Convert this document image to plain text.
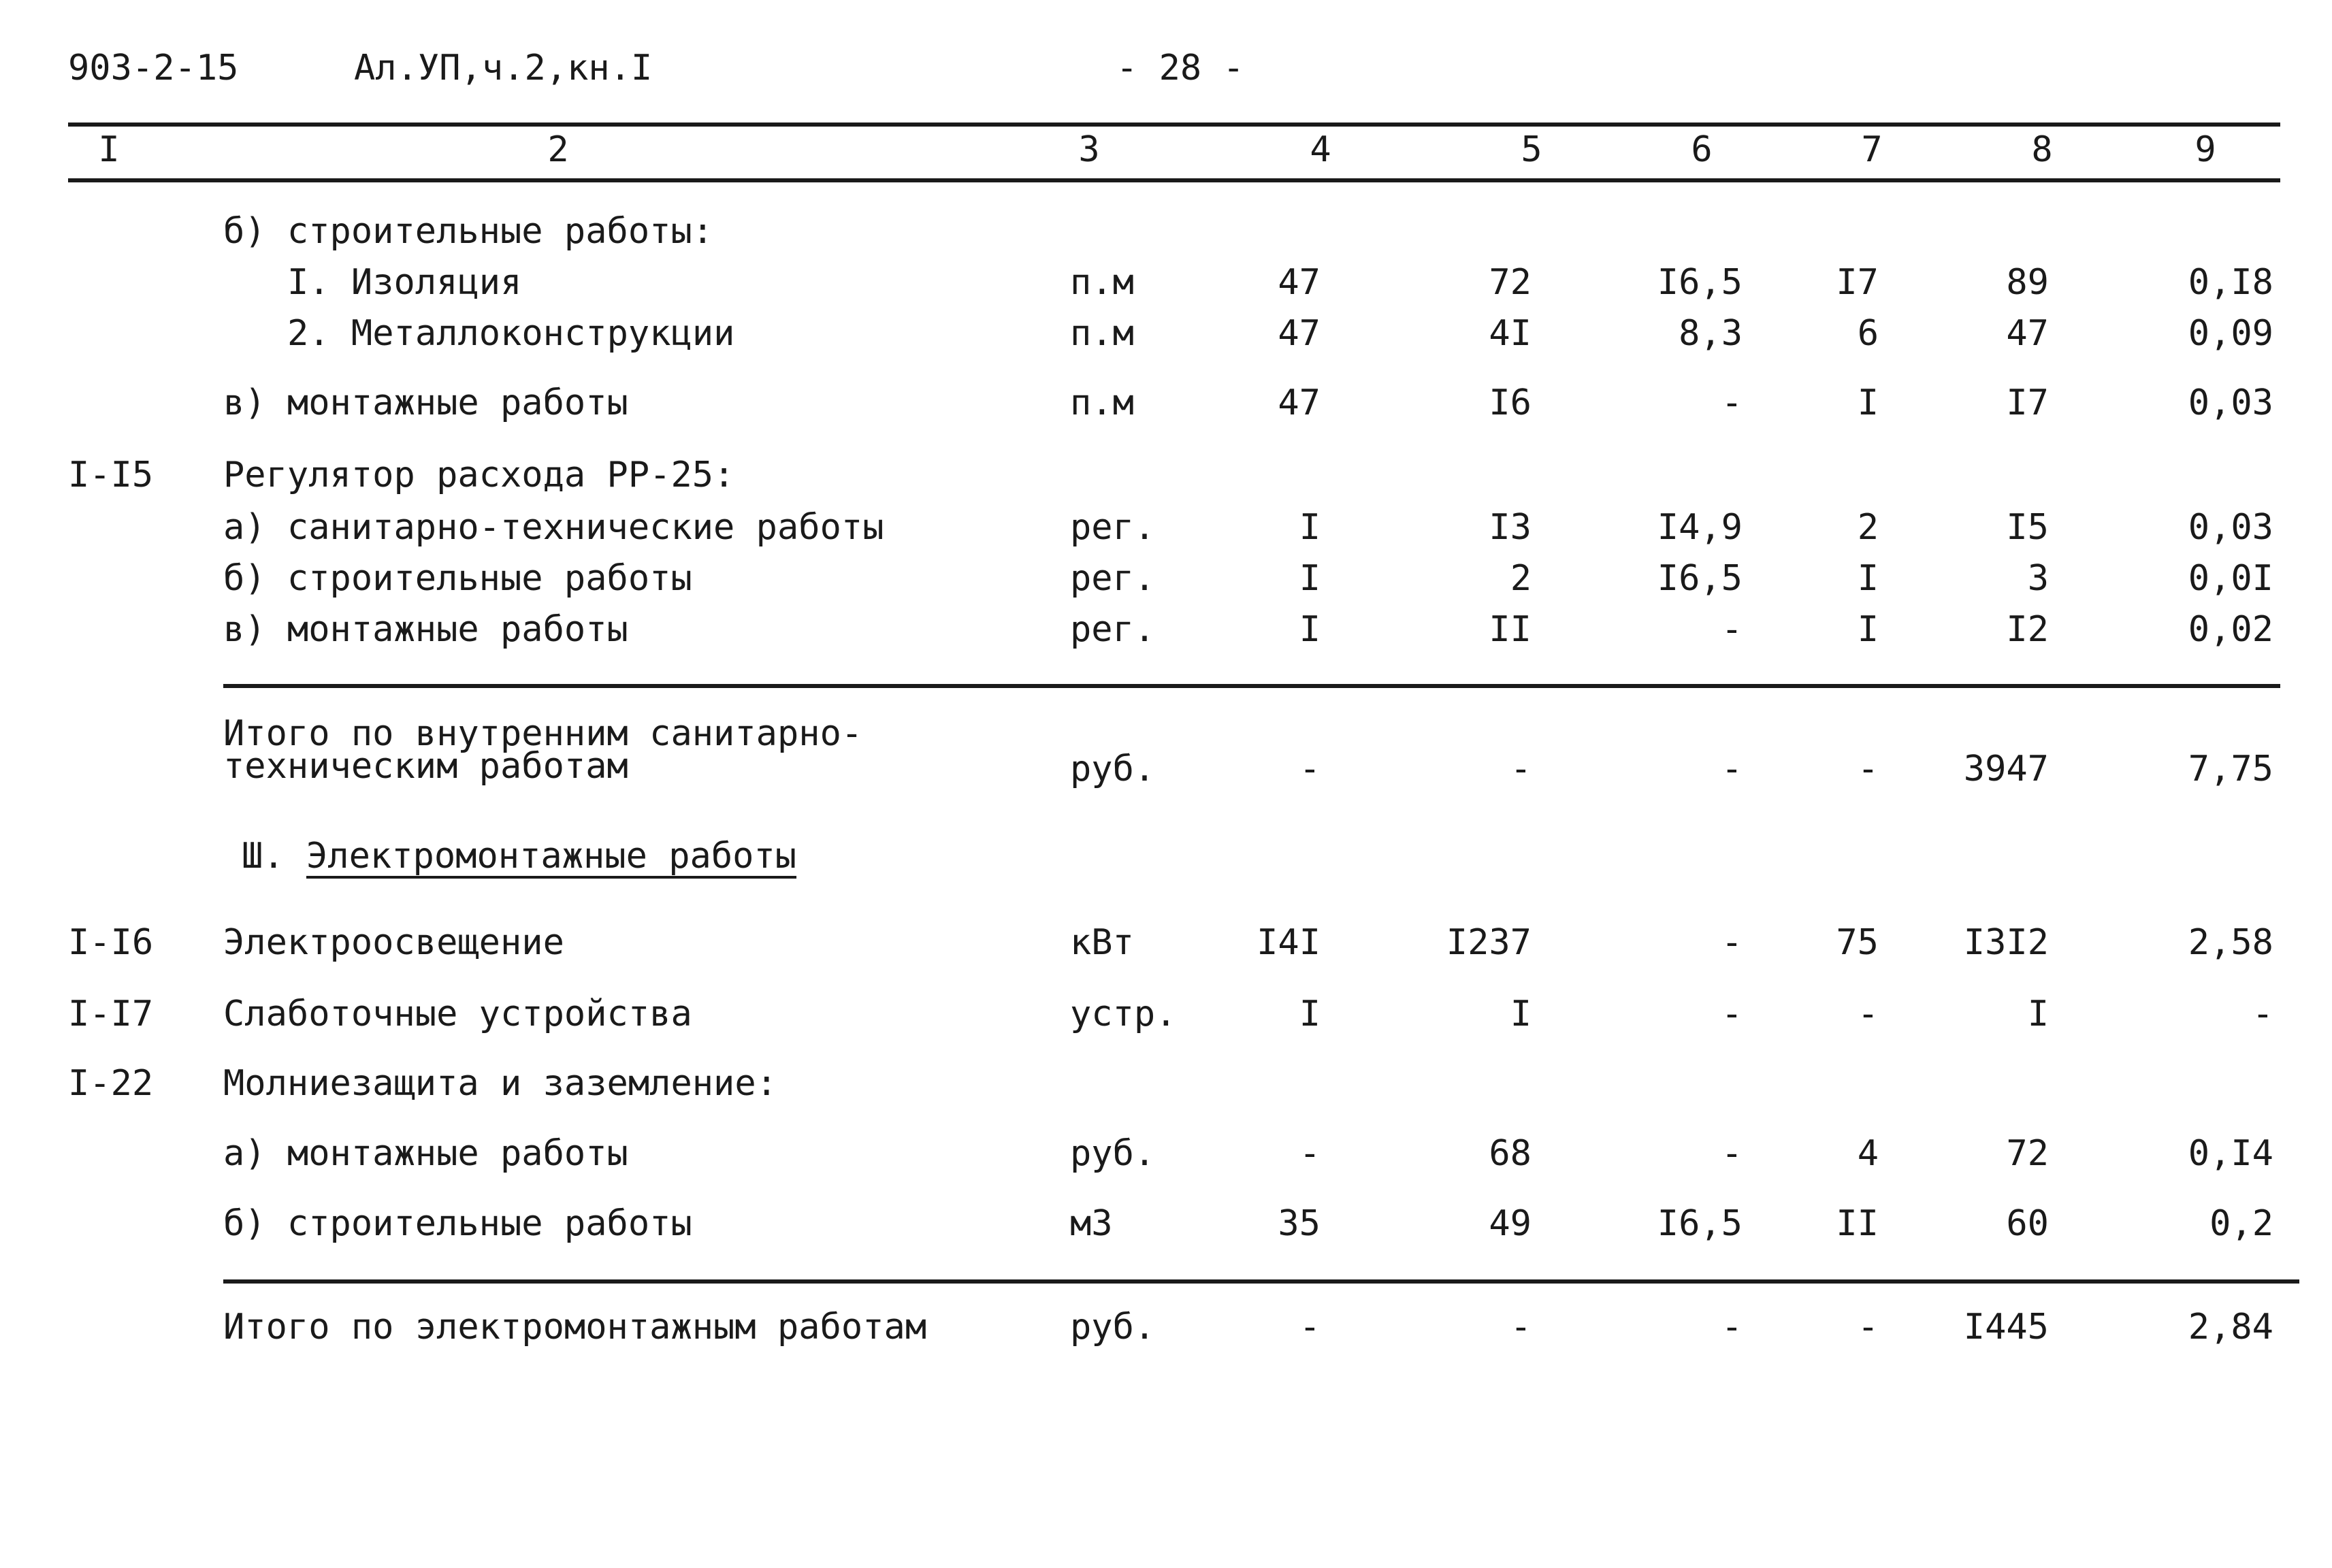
903-2-15	Ал.УП,ч.2,кн.I	- 28 -
I	2	3	4	5	6	7	8	9
б) строительные работы:
I. Изоляция	п.м	47	72	I6,5	I7	89	0,I8
2. Металлоконструкции	п.м	47	4I	8,3	6	47	0,09
в) монтажные работы	п.м	47	I6	-	I	I7	0,03
I-I5 Регулятор расхода РР-25:
а) санитарно-технические работы	рег.	I	I3	I4,9	2	I5	0,03
б) строительные работы	рег.	I	2	I6,5	I	3	0,0I
в) монтажные работы	рег.	I	II	-	I	I2	0,02
Итого по внутренним санитарно-
техническим работам	руб.	-	-	-	-	3947	7,75
Ш. Электромонтажные работы
I-I6 Электроосвещение	кВт	I4I	I237	-	75	I3I2	2,58
I-I7 Слаботочные устройства	устр.	I	I	-	-	I	-
I-22 Молниезащита и заземление:
а) монтажные работы	руб.	-	68	-	4	72	0,I4
б) строительные работы	м3	35	49	I6,5	II	60	0,2
Итого по электромонтажным работам	руб.	-	-	-	-	I445	2,84
